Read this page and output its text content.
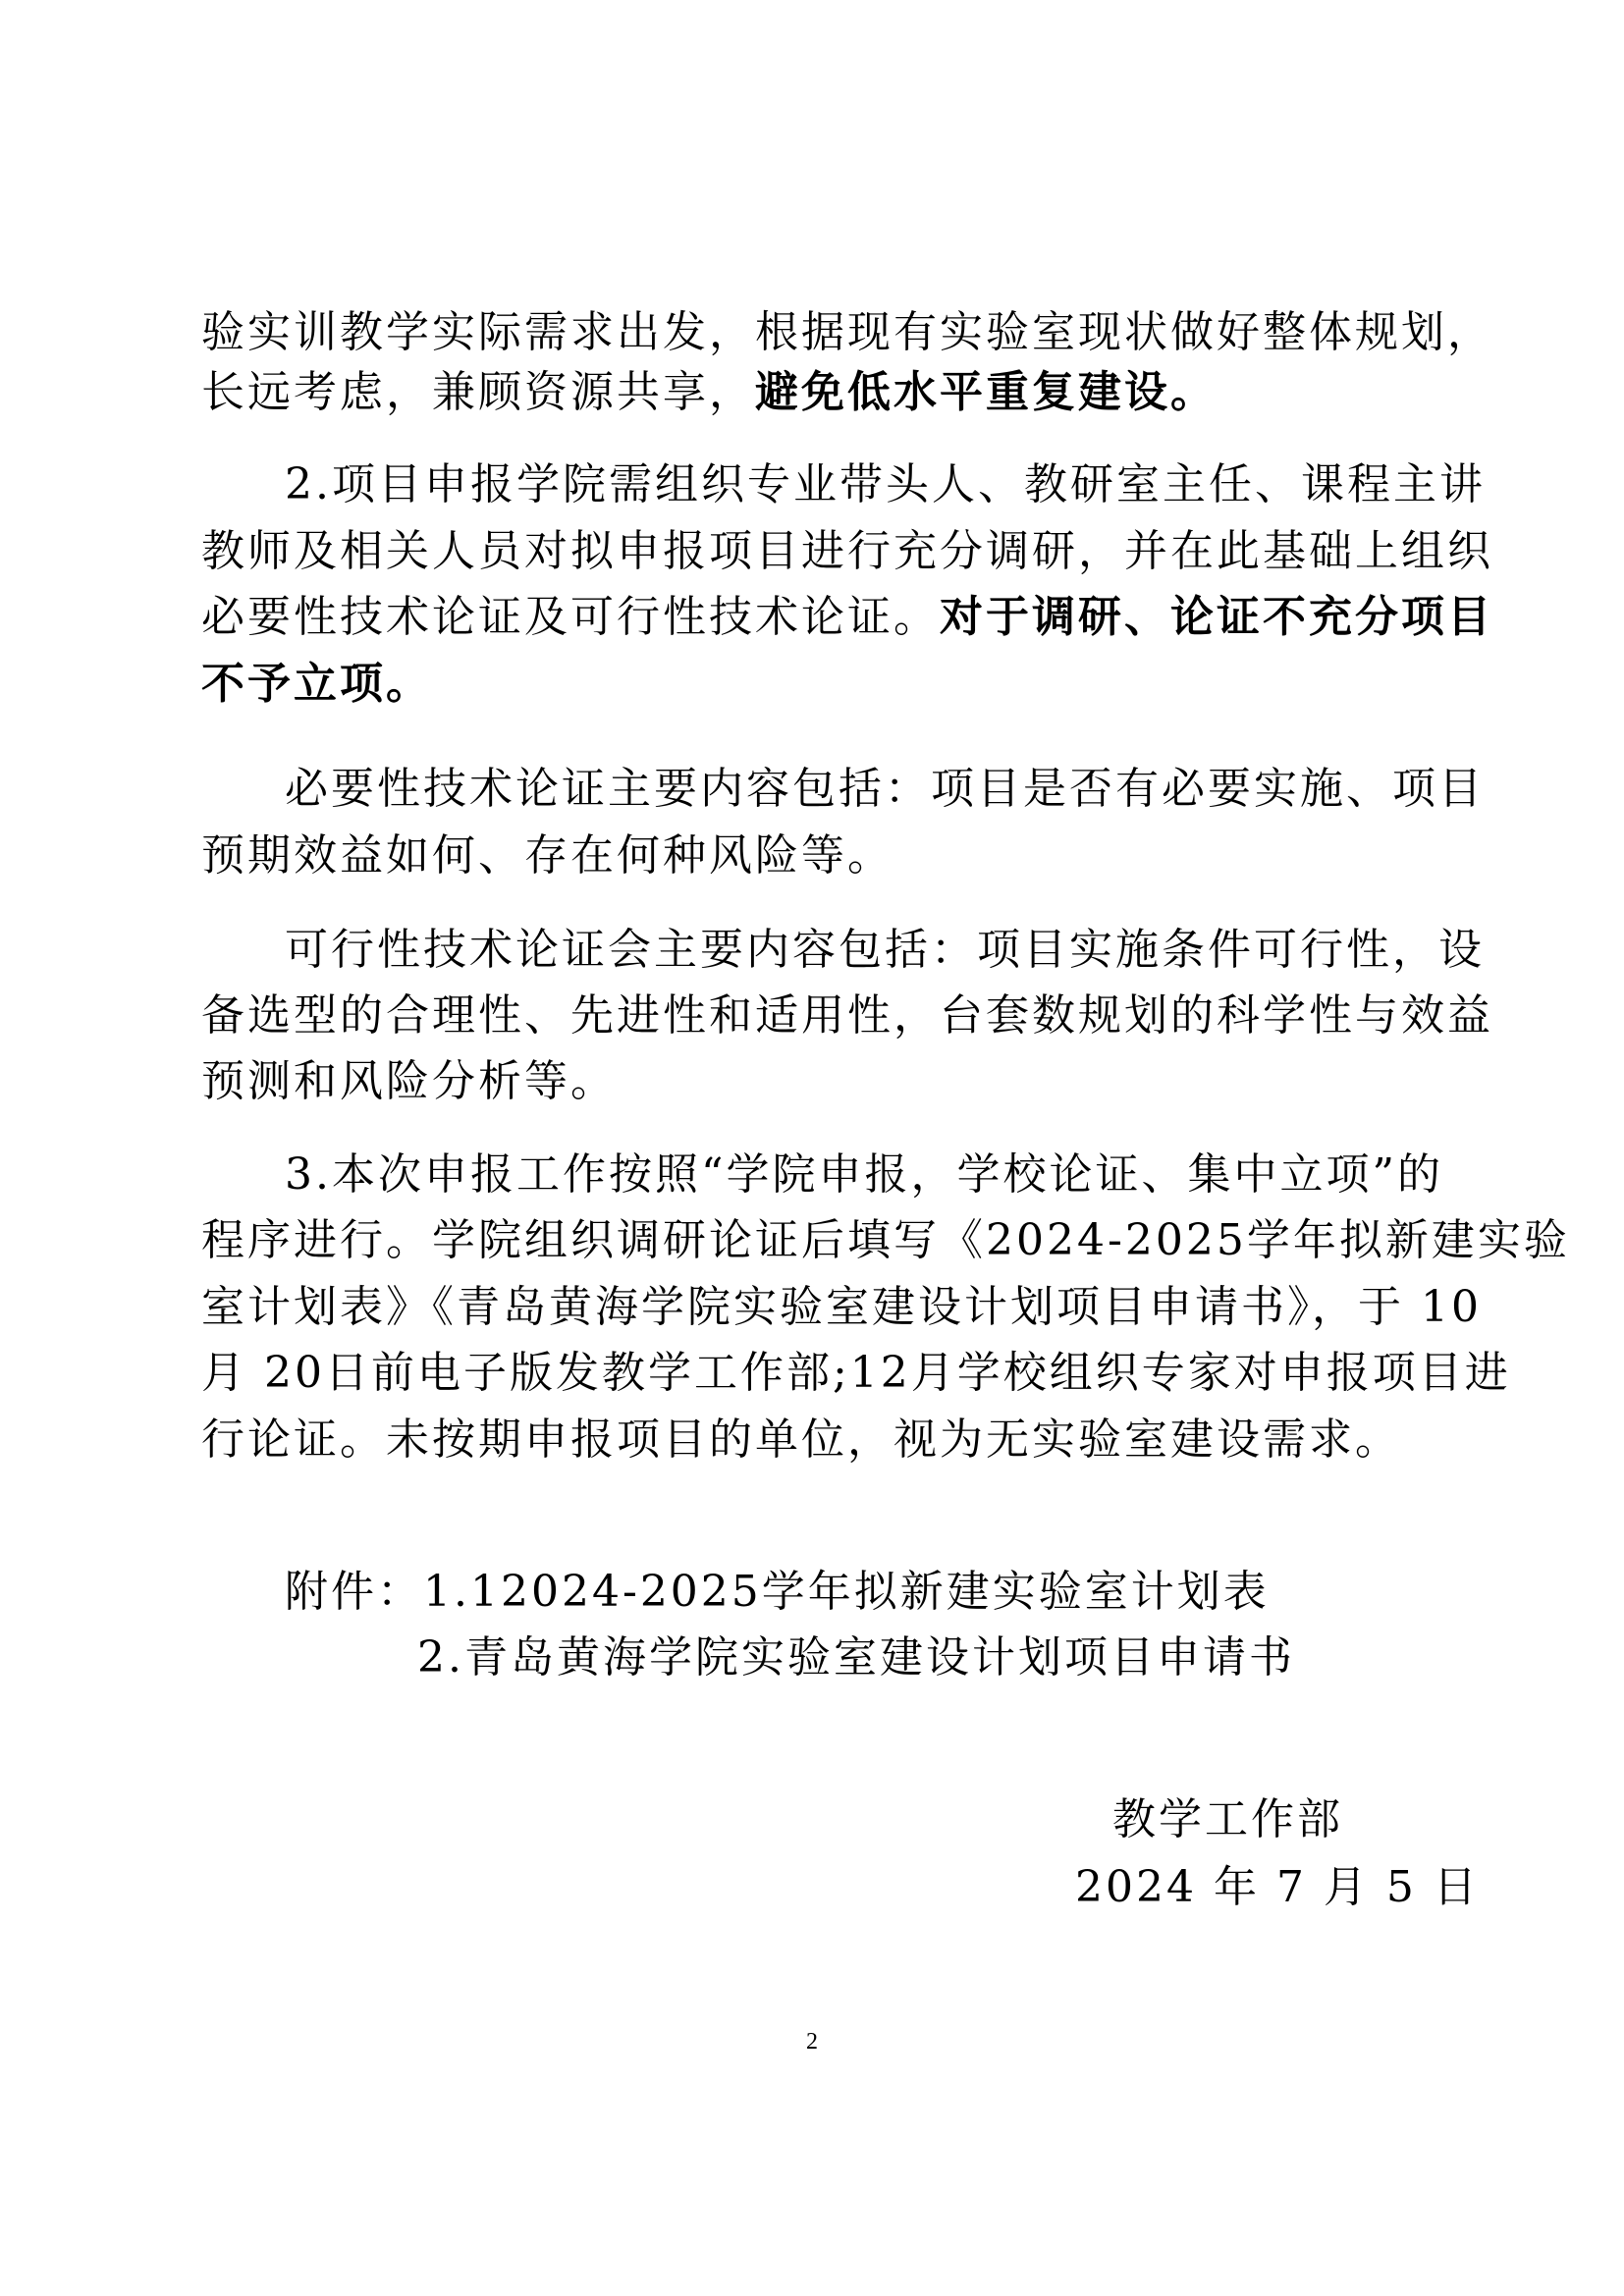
验实训教学实际需求出发，根据现有实验室现状做好整体规划，
长远考虑，兼顾资源共享，避免低水平重复建设。
2.项目申报学院需组织专业带头人、教研室主任、课程主讲
教师及相关人员对拟申报项目进行充分调研，并在此基础上组织
必要性技术论证及可行性技术论证。对于调研、论证不充分项目
不予立项。
必要性技术论证主要内容包括：项目是否有必要实施、项目
预期效益如何、存在何种风险等。
可行性技术论证会主要内容包括：项目实施条件可行性，设
备选型的合理性、先进性和适用性，台套数规划的科学性与效益
预测和风险分析等。
3.本次申报工作按照“学院申报，学校论证、集中立项”的
程序进行。学院组织调研论证后填写《2024-2025学年拟新建实验
室计划表》《青岛黄海学院实验室建设计划项目申请书》，于 10
月 20日前电子版发教学工作部;12月学校组织专家对申报项目进
行论证。未按期申报项目的单位，视为无实验室建设需求。
附件：1.12024-2025学年拟新建实验室计划表
2.青岛黄海学院实验室建设计划项目申请书
教学工作部
2024 年 7 月 5 日
2
